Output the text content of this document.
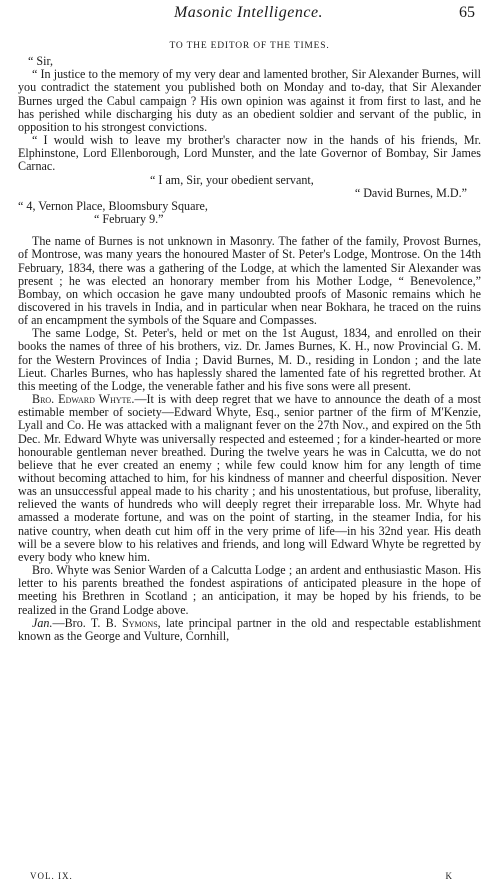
Masonic Intelligence.	65

TO THE EDITOR OF THE TIMES.

“ Sir,

“ In justice to the memory of my very dear and lamented brother, Sir Alexander Burnes, will you contradict the statement you published both on Monday and to-day, that Sir Alexander Burnes urged the Cabul campaign ? His own opinion was against it from first to last, and he has perished while discharging his duty as an obedient soldier and servant of the public, in opposition to his strongest convictions.

“ I would wish to leave my brother's character now in the hands of his friends, Mr. Elphinstone, Lord Ellenborough, Lord Munster, and the late Governor of Bombay, Sir James Carnac.

“ I am, Sir, your obedient servant,

“ David Burnes, M.D.”

“ 4, Vernon Place, Bloomsbury Square,

“ February 9.”

The name of Burnes is not unknown in Masonry. The father of the family, Provost Burnes, of Montrose, was many years the honoured Master of St. Peter's Lodge, Montrose. On the 14th February, 1834, there was a gathering of the Lodge, at which the lamented Sir Alexander was present ; he was elected an honorary member from his Mother Lodge, “ Benevolence,” Bombay, on which occasion he gave many undoubted proofs of Masonic remains which he discovered in his travels in India, and in particular when near Bokhara, he traced on the ruins of an encampment the symbols of the Square and Compasses.

The same Lodge, St. Peter's, held or met on the 1st August, 1834, and enrolled on their books the names of three of his brothers, viz. Dr. James Burnes, K. H., now Provincial G. M. for the Western Provinces of India ; David Burnes, M. D., residing in London ; and the late Lieut. Charles Burnes, who has haplessly shared the lamented fate of his regretted brother. At this meeting of the Lodge, the venerable father and his five sons were all present.

Bro. Edward Whyte.—It is with deep regret that we have to announce the death of a most estimable member of society—Edward Whyte, Esq., senior partner of the firm of M'Kenzie, Lyall and Co. He was attacked with a malignant fever on the 27th Nov., and expired on the 5th Dec. Mr. Edward Whyte was universally respected and esteemed ; for a kinder-hearted or more honourable gentleman never breathed. During the twelve years he was in Calcutta, we do not believe that he ever created an enemy ; while few could know him for any length of time without becoming attached to him, for his kindness of manner and cheerful disposition. Never was an unsuccessful appeal made to his charity ; and his unostentatious, but profuse, liberality, relieved the wants of hundreds who will deeply regret their irreparable loss. Mr. Whyte had amassed a moderate fortune, and was on the point of starting, in the steamer India, for his native country, when death cut him off in the very prime of life—in his 32nd year. His death will be a severe blow to his relatives and friends, and long will Edward Whyte be regretted by every body who knew him.

Bro. Whyte was Senior Warden of a Calcutta Lodge ; an ardent and enthusiastic Mason. His letter to his parents breathed the fondest aspirations of anticipated pleasure in the hope of meeting his Brethren in Scotland ; an anticipation, it may be hoped by his friends, to be realized in the Grand Lodge above.

Jan.—Bro. T. B. Symons, late principal partner in the old and respectable establishment known as the George and Vulture, Cornhill,

VOL. IX.	K
